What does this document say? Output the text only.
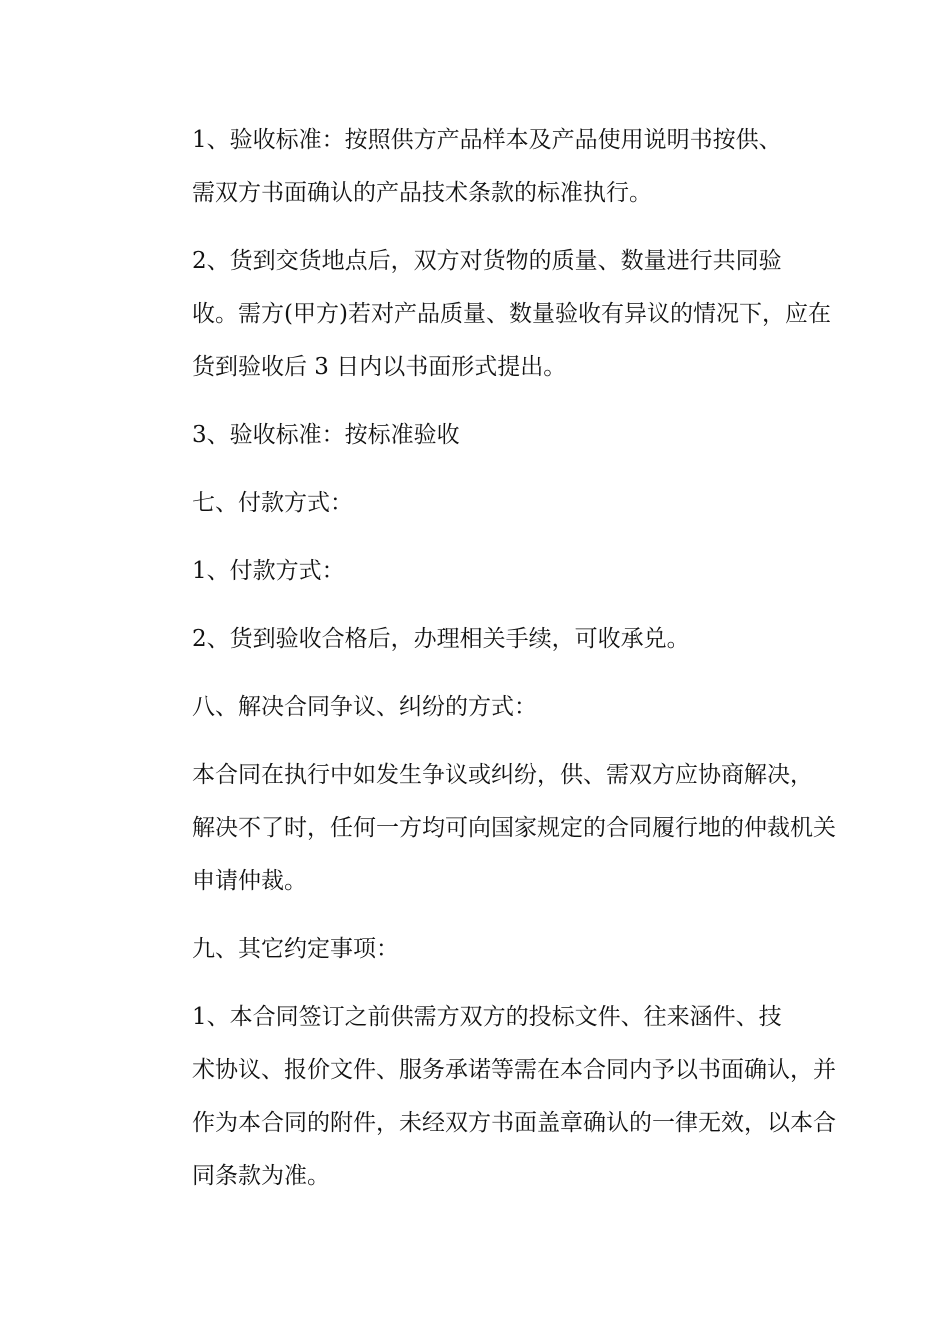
1、验收标准：按照供方产品样本及产品使用说明书按供、
需双方书面确认的产品技术条款的标准执行。

2、货到交货地点后，双方对货物的质量、数量进行共同验
收。需方(甲方)若对产品质量、数量验收有异议的情况下，应在
货到验收后 3 日内以书面形式提出。

3、验收标准：按标准验收

七、付款方式：

1、付款方式：

2、货到验收合格后，办理相关手续，可收承兑。

八、解决合同争议、纠纷的方式：

本合同在执行中如发生争议或纠纷，供、需双方应协商解决，
解决不了时，任何一方均可向国家规定的合同履行地的仲裁机关
申请仲裁。

九、其它约定事项：

1、本合同签订之前供需方双方的投标文件、往来涵件、技
术协议、报价文件、服务承诺等需在本合同内予以书面确认，并
作为本合同的附件，未经双方书面盖章确认的一律无效，以本合
同条款为准。
